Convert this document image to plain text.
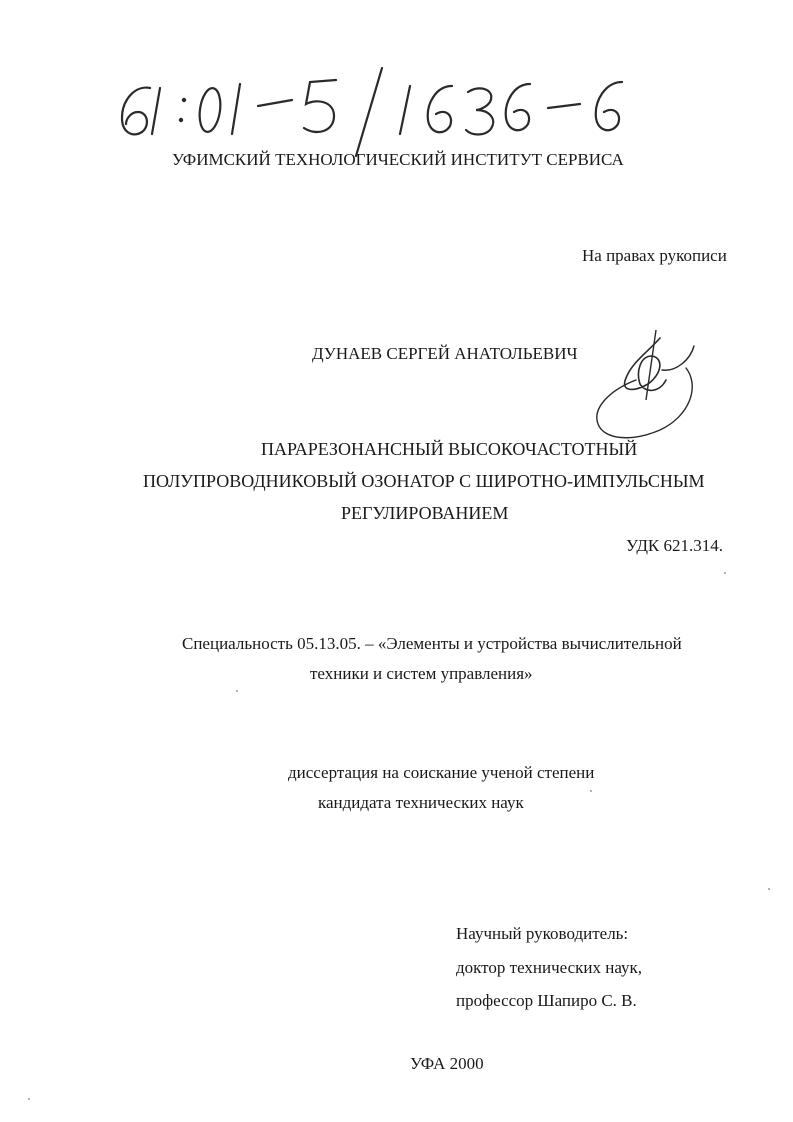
УФИМСКИЙ ТЕХНОЛОГИЧЕСКИЙ ИНСТИТУТ СЕРВИСА
На правах рукописи
ДУНАЕВ СЕРГЕЙ АНАТОЛЬЕВИЧ
ПАРАРЕЗОНАНСНЫЙ ВЫСОКОЧАСТОТНЫЙ
ПОЛУПРОВОДНИКОВЫЙ ОЗОНАТОР С ШИРОТНО-ИМПУЛЬСНЫМ
РЕГУЛИРОВАНИЕМ
УДК 621.314.
Специальность 05.13.05. – «Элементы и устройства вычислительной
техники и систем управления»
диссертация на соискание ученой степени
кандидата технических наук
Научный руководитель:
доктор технических наук,
профессор Шапиро С. В.
УФА 2000
